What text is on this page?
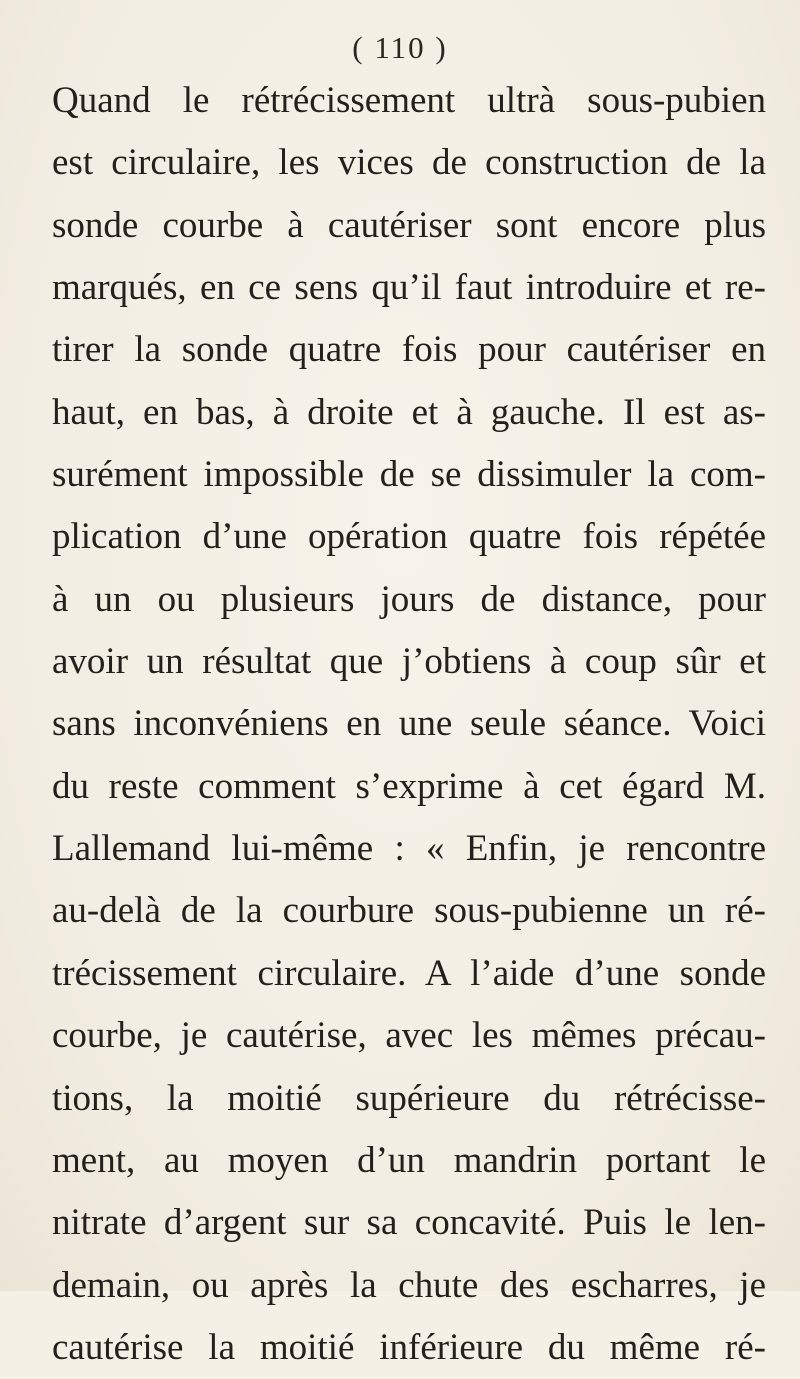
( 110 )
Quand le rétrécissement ultrà sous-pubien
est circulaire, les vices de construction de la
sonde courbe à cautériser sont encore plus
marqués, en ce sens qu’il faut introduire et re-
tirer la sonde quatre fois pour cautériser en
haut, en bas, à droite et à gauche. Il est as-
surément impossible de se dissimuler la com-
plication d’une opération quatre fois répétée
à un ou plusieurs jours de distance, pour
avoir un résultat que j’obtiens à coup sûr et
sans inconvéniens en une seule séance. Voici
du reste comment s’exprime à cet égard M.
Lallemand lui-même : « Enfin, je rencontre
au-delà de la courbure sous-pubienne un ré-
trécissement circulaire. A l’aide d’une sonde
courbe, je cautérise, avec les mêmes précau-
tions, la moitié supérieure du rétrécisse-
ment, au moyen d’un mandrin portant le
nitrate d’argent sur sa concavité. Puis le len-
demain, ou après la chute des escharres, je
cautérise la moitié inférieure du même ré-
